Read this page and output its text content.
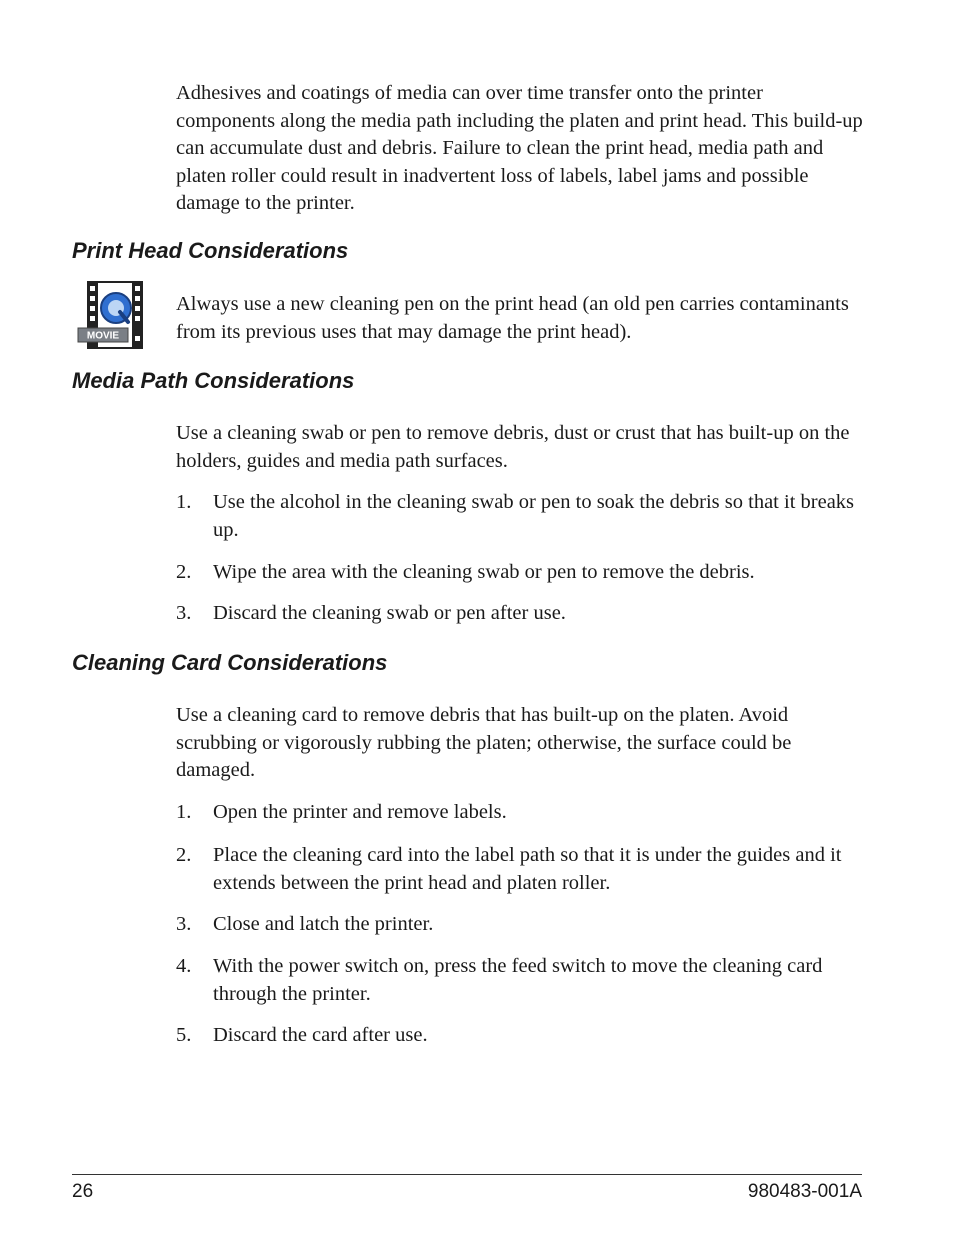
Adhesives and coatings of media can over time transfer onto the printer components along the media path including the platen and print head. This build-up can accumulate dust and debris. Failure to clean the print head, media path and platen roller could result in inadvertent loss of labels, label jams and possible damage to the printer.

Print Head Considerations
MOVIE

Always use a new cleaning pen on the print head (an old pen carries contaminants from its previous uses that may damage the print head).

Media Path Considerations

Use a cleaning swab or pen to remove debris, dust or crust that has built-up on the holders, guides and media path surfaces.

1. Use the alcohol in the cleaning swab or pen to soak the debris so that it breaks up.
2. Wipe the area with the cleaning swab or pen to remove the debris.
3. Discard the cleaning swab or pen after use.
Cleaning Card Considerations

Use a cleaning card to remove debris that has built-up on the platen. Avoid scrubbing or vigorously rubbing the platen; otherwise, the surface could be damaged.

1. Open the printer and remove labels.
2. Place the cleaning card into the label path so that it is under the guides and it extends between the print head and platen roller.
3. Close and latch the printer.
4. With the power switch on, press the feed switch to move the cleaning card through the printer.
5. Discard the card after use.
26	980483-001A
